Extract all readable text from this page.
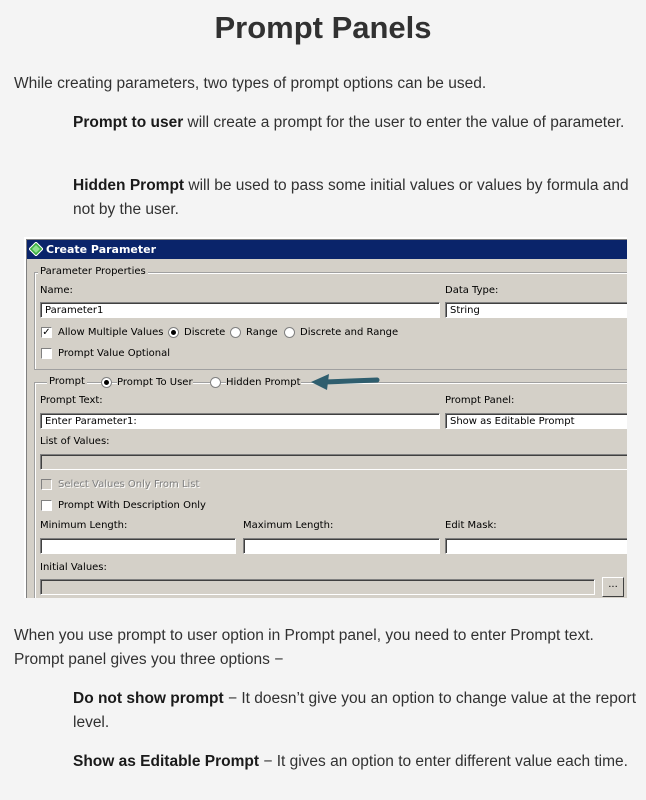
Prompt Panels
While creating parameters, two types of prompt options can be used.
Prompt to user will create a prompt for the user to enter the value of parameter.
Hidden Prompt will be used to pass some initial values or values by formula and not by the user.
Create Parameter
Parameter Properties
Name:
Parameter1
Data Type:
String
✓ Allow Multiple Values Discrete Range Discrete and Range
Prompt Value Optional
Prompt	Prompt To User	Hidden Prompt
Prompt Text:
Enter Parameter1:
Prompt Panel:
Show as Editable Prompt
List of Values:
Select Values Only From List
Prompt With Description Only
Minimum Length:	Maximum Length:	Edit Mask:
Initial Values:
...
When you use prompt to user option in Prompt panel, you need to enter Prompt text. Prompt panel gives you three options −
Do not show prompt − It doesn’t give you an option to change value at the report level.
Show as Editable Prompt − It gives an option to enter different value each time.
